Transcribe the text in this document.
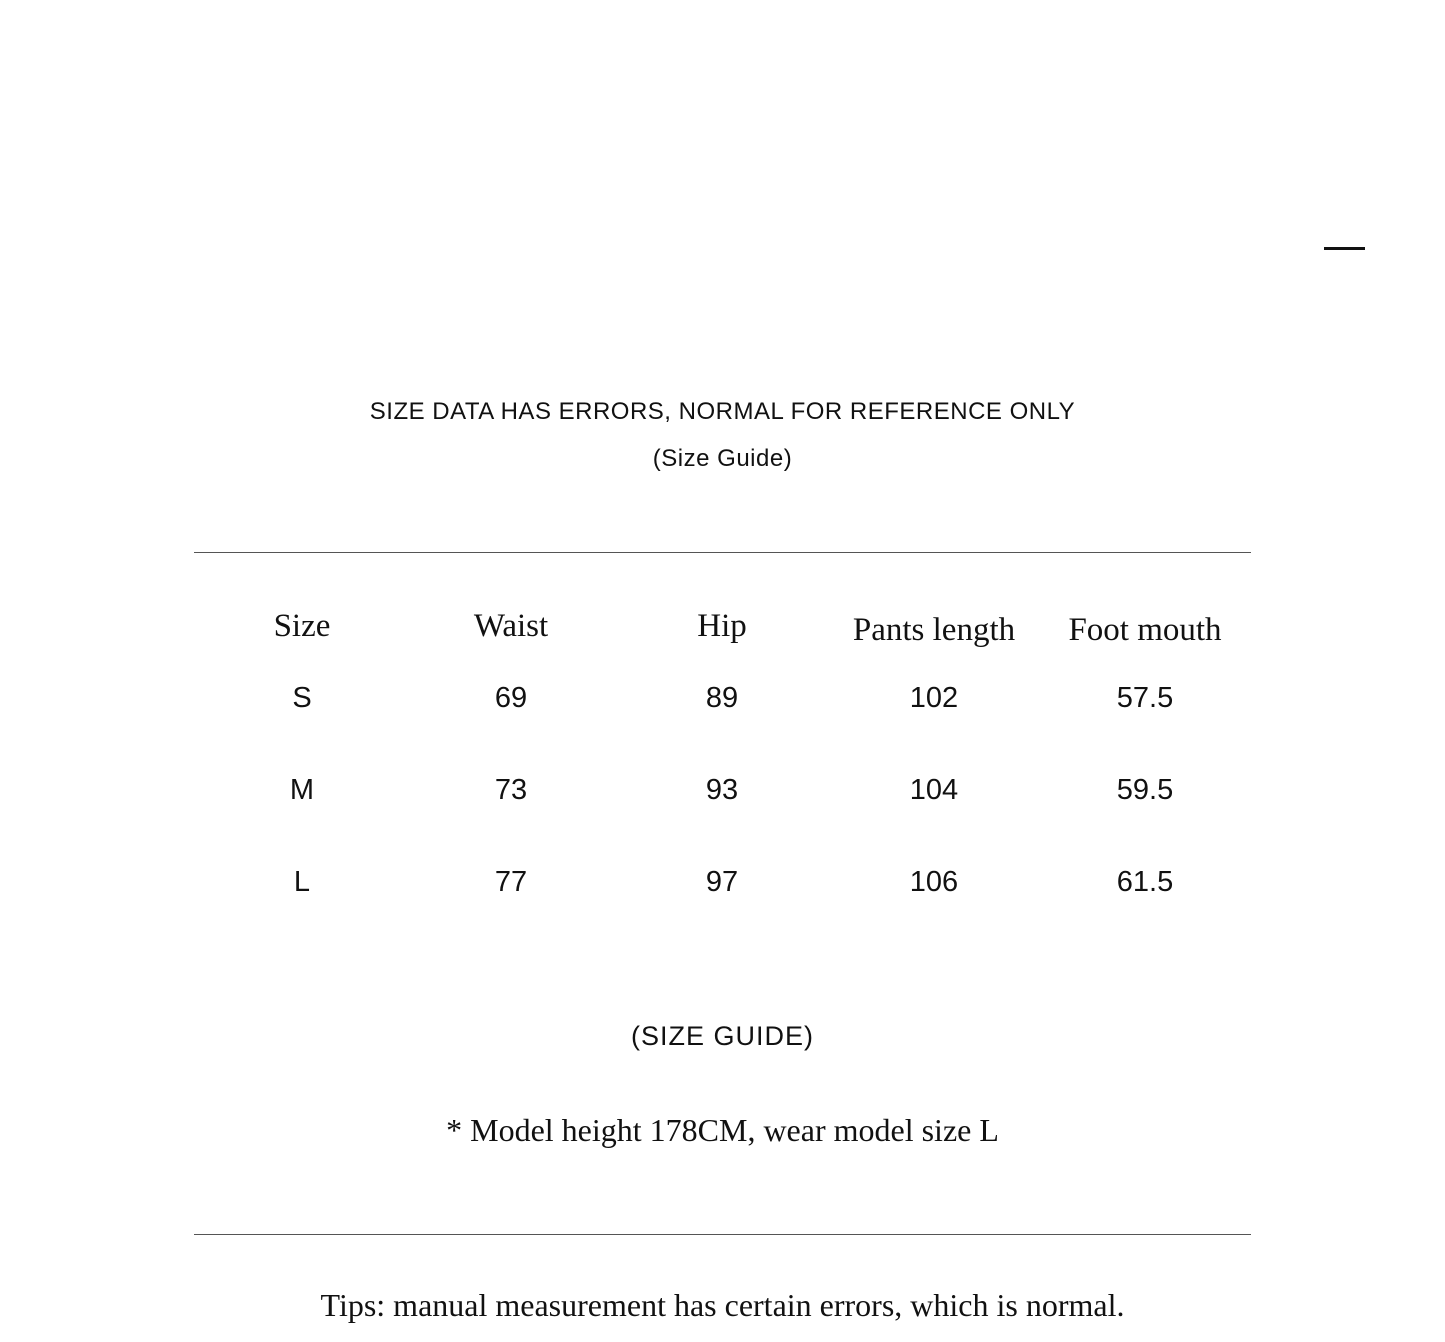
SIZE DATA HAS ERRORS, NORMAL FOR REFERENCE ONLY
(Size Guide)
Size	Waist	Hip	Pants length	Foot mouth
S	69	89	102	57.5
M	73	93	104	59.5
L	77	97	106	61.5
(SIZE GUIDE)
* Model height 178CM, wear model size L
Tips: manual measurement has certain errors, which is normal.
